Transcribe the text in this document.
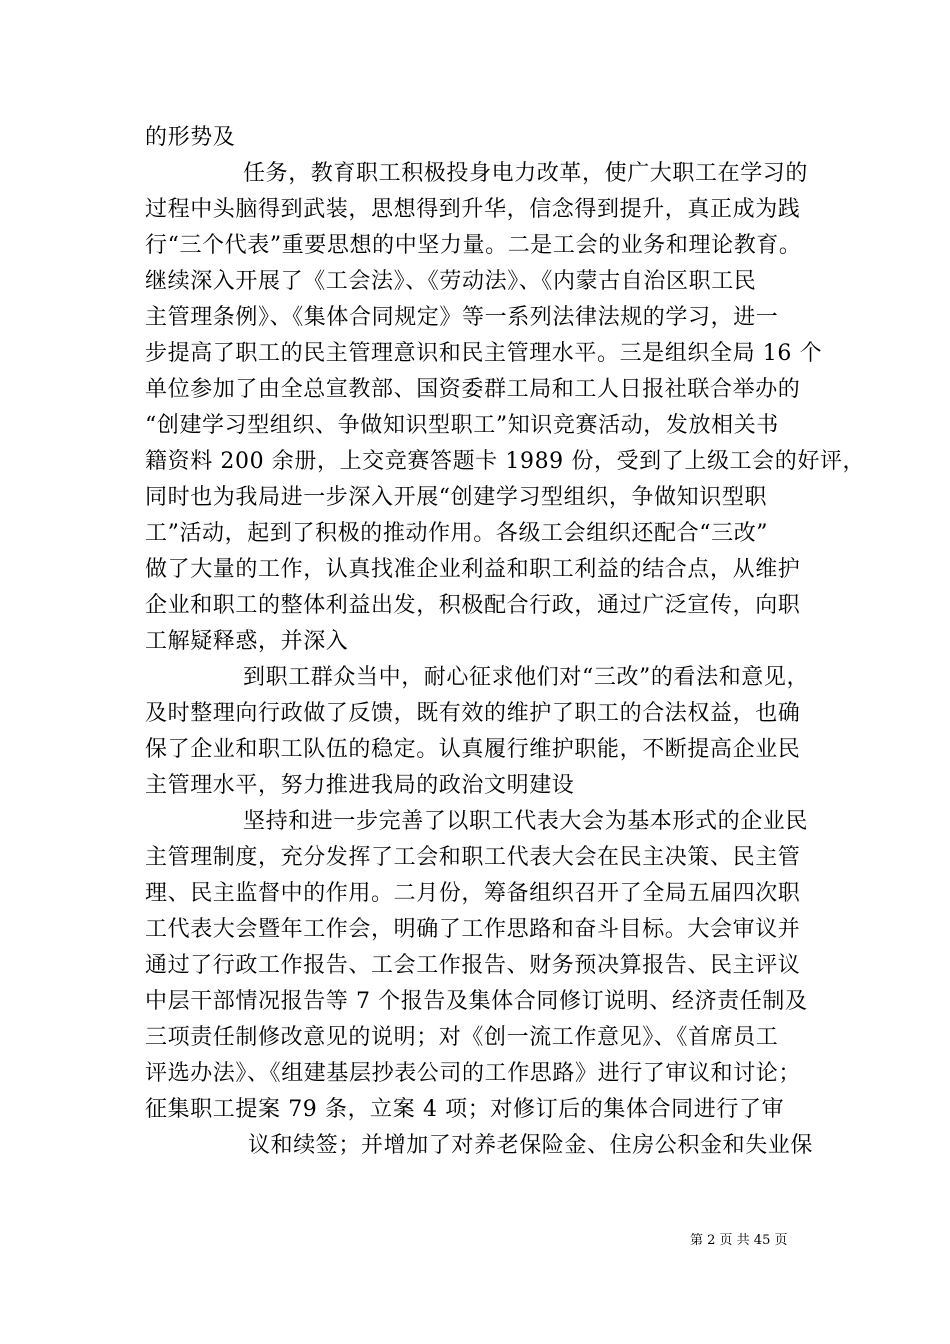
的形势及
任务，教育职工积极投身电力改革，使广大职工在学习的
过程中头脑得到武装，思想得到升华，信念得到提升，真正成为践
行“三个代表”重要思想的中坚力量。二是工会的业务和理论教育。
继续深入开展了《工会法》、《劳动法》、《内蒙古自治区职工民
主管理条例》、《集体合同规定》等一系列法律法规的学习，进一
步提高了职工的民主管理意识和民主管理水平。三是组织全局 16 个
单位参加了由全总宣教部、国资委群工局和工人日报社联合举办的
“创建学习型组织、争做知识型职工”知识竞赛活动，发放相关书
籍资料 200 余册，上交竞赛答题卡 1989 份，受到了上级工会的好评，
同时也为我局进一步深入开展“创建学习型组织，争做知识型职
工”活动，起到了积极的推动作用。各级工会组织还配合“三改”
做了大量的工作，认真找准企业利益和职工利益的结合点，从维护
企业和职工的整体利益出发，积极配合行政，通过广泛宣传，向职
工解疑释惑，并深入
到职工群众当中，耐心征求他们对“三改”的看法和意见，
及时整理向行政做了反馈，既有效的维护了职工的合法权益，也确
保了企业和职工队伍的稳定。认真履行维护职能，不断提高企业民
主管理水平，努力推进我局的政治文明建设
坚持和进一步完善了以职工代表大会为基本形式的企业民
主管理制度，充分发挥了工会和职工代表大会在民主决策、民主管
理、民主监督中的作用。二月份，筹备组织召开了全局五届四次职
工代表大会暨年工作会，明确了工作思路和奋斗目标。大会审议并
通过了行政工作报告、工会工作报告、财务预决算报告、民主评议
中层干部情况报告等 7 个报告及集体合同修订说明、经济责任制及
三项责任制修改意见的说明；对《创一流工作意见》、《首席员工
评选办法》、《组建基层抄表公司的工作思路》进行了审议和讨论；
征集职工提案 79 条，立案 4 项；对修订后的集体合同进行了审
议和续签；并增加了对养老保险金、住房公积金和失业保
第 2 页 共 45 页
